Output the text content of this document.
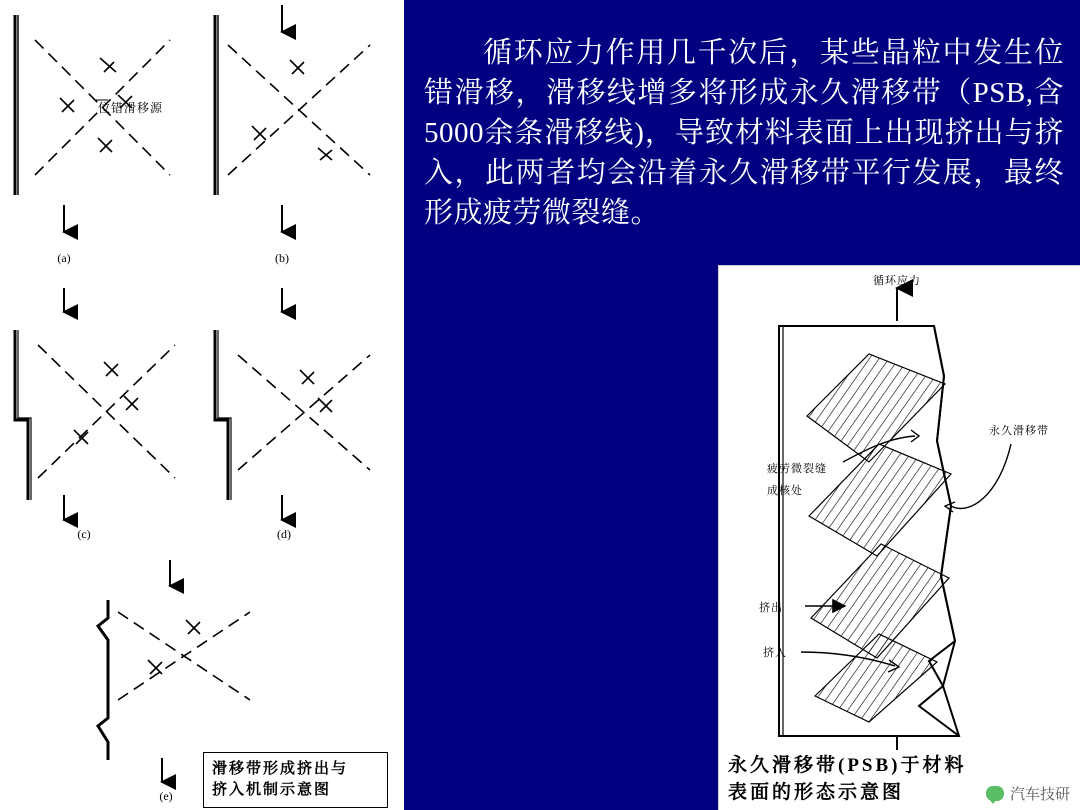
位错滑移源
(a)	(b)
(c)	(d)
(e)
滑移带形成挤出与
挤入机制示意图

循环应力作用几千次后，某些晶粒中发生位错滑移，滑移线增多将形成永久滑移带（PSB,含5000余条滑移线)，导致材料表面上出现挤出与挤入，此两者均会沿着永久滑移带平行发展，最终形成疲劳微裂缝。

循环应力
永久滑移带
疲劳微裂缝
成核处
挤出
挤入
永久滑移带(PSB)于材料
表面的形态示意图	汽车技研
